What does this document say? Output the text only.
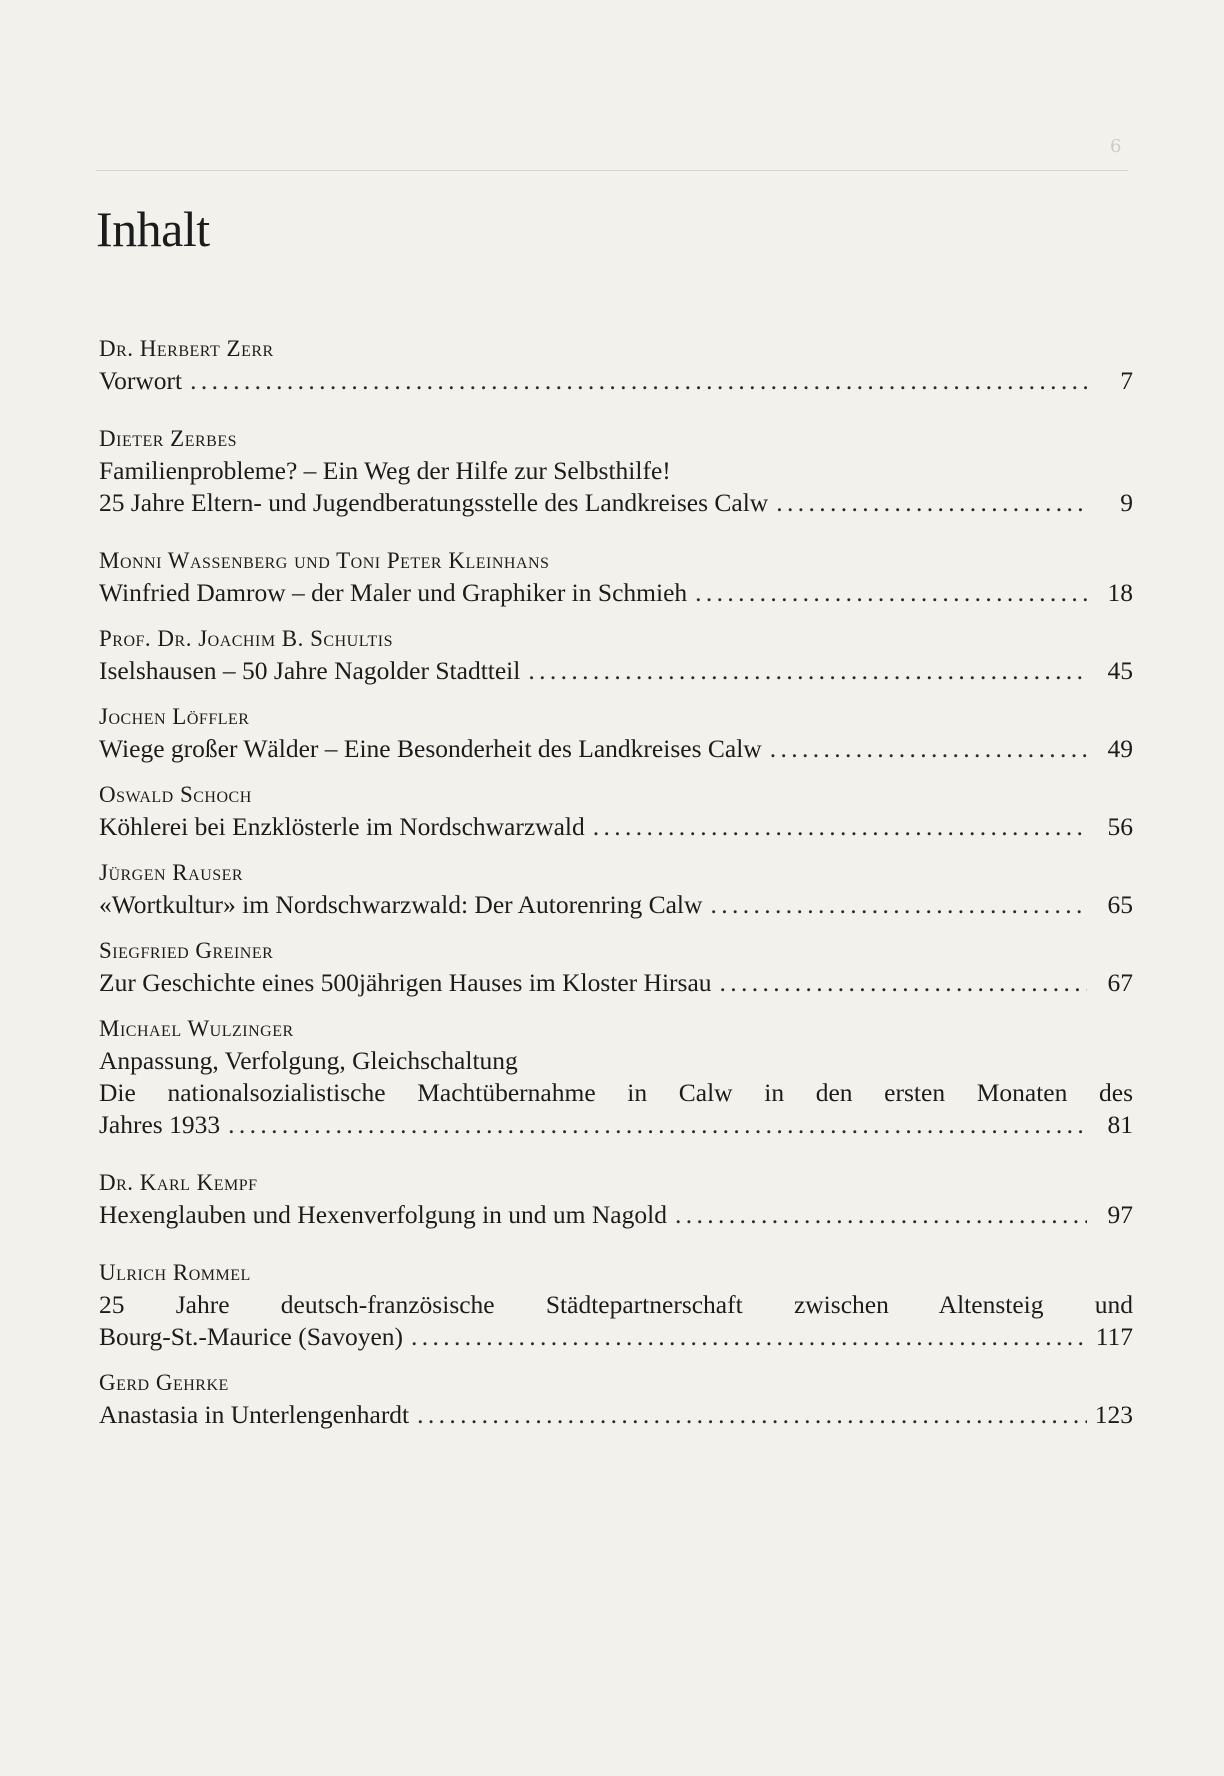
6
Inhalt
Dr. Herbert Zerr
Vorwort . . .	7
Dieter Zerbes
Familienprobleme? – Ein Weg der Hilfe zur Selbsthilfe!
25 Jahre Eltern- und Jugendberatungsstelle des Landkreises Calw . . .	9
Monni Wassenberg und Toni Peter Kleinhans
Winfried Damrow – der Maler und Graphiker in Schmieh . . .	18
Prof. Dr. Joachim B. Schultis
Iselshausen – 50 Jahre Nagolder Stadtteil . . .	45
Jochen Löffler
Wiege großer Wälder – Eine Besonderheit des Landkreises Calw . . .	49
Oswald Schoch
Köhlerei bei Enzklösterle im Nordschwarzwald . . .	56
Jürgen Rauser
«Wortkultur» im Nordschwarzwald: Der Autorenring Calw . . .	65
Siegfried Greiner
Zur Geschichte eines 500jährigen Hauses im Kloster Hirsau . . .	67
Michael Wulzinger
Anpassung, Verfolgung, Gleichschaltung
Die nationalsozialistische Machtübernahme in Calw in den ersten Monaten des
Jahres 1933 . . .	81
Dr. Karl Kempf
Hexenglauben und Hexenverfolgung in und um Nagold . . .	97
Ulrich Rommel
25 Jahre deutsch-französische Städtepartnerschaft zwischen Altensteig und
Bourg-St.-Maurice (Savoyen) . . .	117
Gerd Gehrke
Anastasia in Unterlengenhardt . . .	123
